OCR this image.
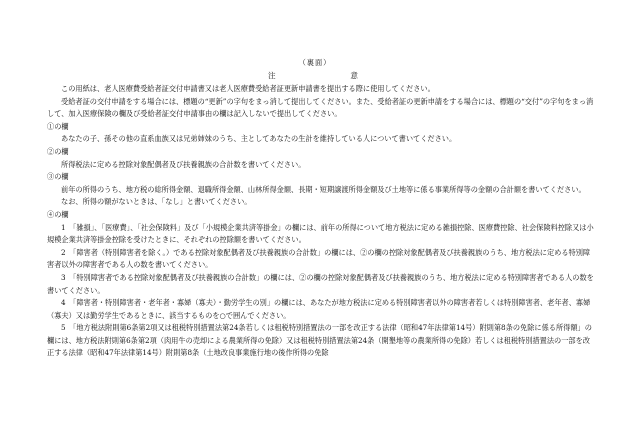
（裏面）
注	意

この用紙は、老人医療費受給者証交付申請書又は老人医療費受給者証更新申請書を提出する際に使用してください。

受給者証の交付申請をする場合には、標題の“更新”の字句をまっ消して提出してください。また、受給者証の更新申請をする場合には、標題の“交付”の字句をまっ消して、加入医療保険の欄及び受給者証交付申請事由の欄は記入しないで提出してください。

①の欄

あなたの子、孫その他の直系血族又は兄弟姉妹のうち、主としてあなたの生計を維持している人について書いてください。

②の欄

所得税法に定める控除対象配偶者及び扶養親族の合計数を書いてください。

③の欄

前年の所得のうち、地方税の総所得金額、退職所得金額、山林所得金額、長期・短期譲渡所得金額及び土地等に係る事業所得等の金額の合計額を書いてください。

なお、所得の額がないときは、「なし」と書いてください。

④の欄

1　「雑損」、「医療費」、「社会保険料」及び「小規模企業共済等掛金」の欄には、前年の所得について地方税法に定める雑損控除、医療費控除、社会保険料控除又は小規模企業共済等掛金控除を受けたときに、それぞれの控除額を書いてください。

2　「障害者（特別障害者を除く。）である控除対象配偶者及び扶養親族の合計数」の欄には、②の欄の控除対象配偶者及び扶養親族のうち、地方税法に定める特別障害者以外の障害者である人の数を書いてください。

3　「特別障害者である控除対象配偶者及び扶養親族の合計数」の欄には、②の欄の控除対象配偶者及び扶養親族のうち、地方税法に定める特別障害者である人の数を書いてください。

4　「障害者・特別障害者・老年者・寡婦（寡夫）・勤労学生の別」の欄には、あなたが地方税法に定める特別障害者以外の障害者若しくは特別障害者、老年者、寡婦（寡夫）又は勤労学生であるときに、該当するものを○で囲んでください。

5　「地方税法附則第6条第2項又は租税特別措置法第24条若しくは租税特別措置法の一部を改正する法律（昭和47年法律第14号）附則第8条の免除に係る所得額」の欄には、地方税法附則第6条第2項（肉用牛の売却による農業所得の免除）又は租税特別措置法第24条（開墾地等の農業所得の免除）若しくは租税特別措置法の一部を改正する法律（昭和47年法律第14号）附則第8条（土地改良事業施行地の後作所得の免除
